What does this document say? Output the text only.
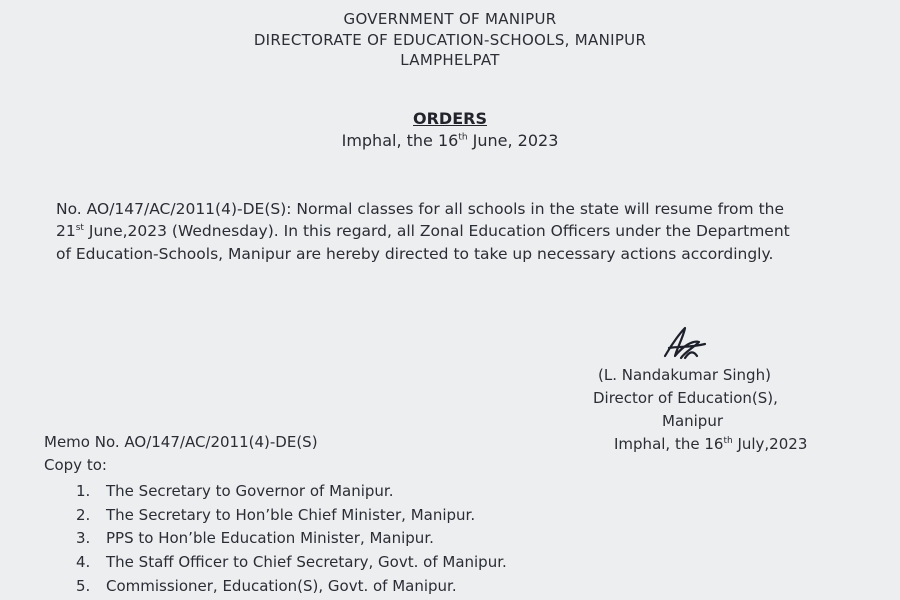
GOVERNMENT OF MANIPUR

DIRECTORATE OF EDUCATION-SCHOOLS, MANIPUR

LAMPHELPAT

ORDERS

Imphal, the 16th June, 2023

No. AO/147/AC/2011(4)-DE(S): Normal classes for all schools in the state will resume from the

21st June,2023 (Wednesday). In this regard, all Zonal Education Officers under the Department

of Education-Schools, Manipur are hereby directed to take up necessary actions accordingly.

(L. Nandakumar Singh)

Director of Education(S),

Manipur

Imphal, the 16th July,2023

Memo No. AO/147/AC/2011(4)-DE(S)

Copy to:

1. The Secretary to Governor of Manipur.

2. The Secretary to Hon’ble Chief Minister, Manipur.

3. PPS to Hon’ble Education Minister, Manipur.

4. The Staff Officer to Chief Secretary, Govt. of Manipur.

5. Commissioner, Education(S), Govt. of Manipur.
